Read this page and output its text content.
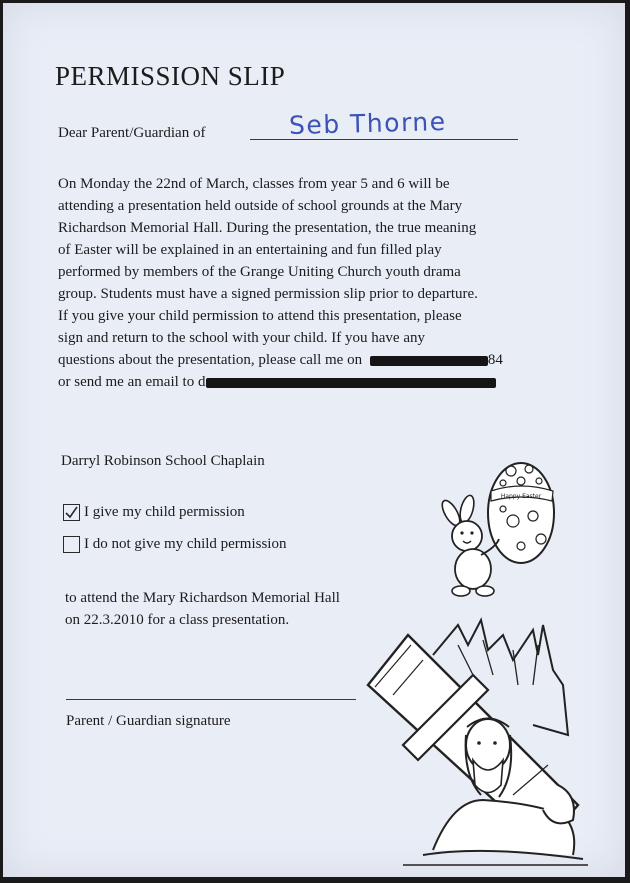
PERMISSION SLIP
Dear Parent/Guardian of	Seb Thorne
On Monday the 22nd of March, classes from year 5 and 6 will be
attending a presentation held outside of school grounds at the Mary
Richardson Memorial Hall. During the presentation, the true meaning
of Easter will be explained in an entertaining and fun filled play
performed by members of the Grange Uniting Church youth drama
group. Students must have a signed permission slip prior to departure.
If you give your child permission to attend this presentation, please
sign and return to the school with your child. If you have any
questions about the presentation, please call me on	84
or send me an email to d
Darryl Robinson School Chaplain
I give my child permission
I do not give my child permission
to attend the Mary Richardson Memorial Hall
on 22.3.2010 for a class presentation.
Parent / Guardian signature
Happy Easter
